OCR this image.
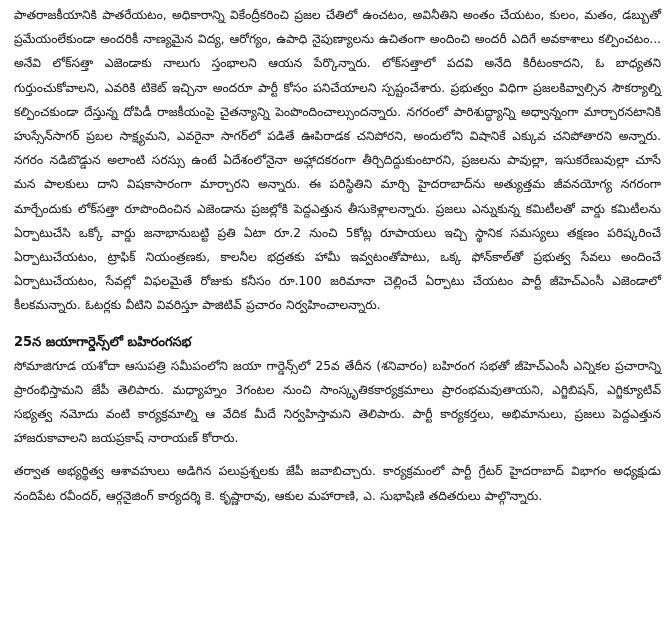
పాతరాజకీయానికి పాతరేయటం, అధికారాన్ని వికేంద్రీకరించి ప్రజల చేతిలో ఉంచటం, అవినీతిని అంతం చేయటం, కులం, మతం, డబ్బుతో ప్రమేయంలేకుండా అందరికీ నాణ్యమైన విద్య, ఆరోగ్యం, ఉపాధి నైపుణ్యాలను ఉచితంగా అందించి అందరీ ఎదిగే అవకాశాలు కల్పించటం... అనేవి లోక్‌సత్తా ఎజెండాకు నాలుగు స్తంభాలని ఆయన పేర్కొన్నారు. లోక్‌సత్తాలో పదవి అనేది కిరీటంకాదని, ఓ బాధ్యతని గుర్తుంచుకోవాలని, ఎవరికి టికెట్‌ ఇచ్చినా అందరూ పార్టీ కోసం పనిచేయాలని స్పష్టంచేశారు. ప్రభుత్వం విధిగా ప్రజలకివ్వాల్సిన సౌకర్యాల్ని కల్పించకుండా దేస్తున్న దోపిడీ రాజకీయంపై చైతన్యాన్ని పెంపొందించాల్సుందన్నారు. నగరంలో పారిశుద్ధ్యాన్ని అధ్వాన్నంగా మార్చారనటానికి హుస్సేన్‌సాగర్‌ ప్రబల సాక్ష్యమని, ఎవరైనా సాగర్‌లో పడితే ఊపిరాడక చనిపోరని, అందులోని విషానికే ఎక్కువ చనిపోతారని అన్నారు. నగరం నడిబొడ్డున అలాంటి సరస్సు ఉంటే ఏదేశంలోనైనా అహ్లాదకరంగా తీర్చిదిద్దుకుంటారని, ప్రజలను పావుల్లా, ఇసుకరేణువుల్లా చూసే మన పాలకులు దాని విషకాసారంగా మార్చారని అన్నారు. ఈ పరిస్థితిని మార్చి హైదరాబాద్‌ను అత్యుత్తమ జీవనయోగ్య నగరంగా మార్చేందుకు లోక్‌సత్తా రూపొందించిన ఎజెండాను ప్రజల్లోకి పెద్దఎత్తున తీసుకెళ్లాలన్నారు. ప్రజలు ఎన్నుకున్న కమిటీలతో వార్డు కమిటీలను ఏర్పాటుచేసి ఒక్కో వార్డు జనాభానుబట్టి ప్రతి ఏటా రూ.2 నుంచి 5కోట్ల రూపాయలు ఇచ్చి స్థానిక సమస్యలు తక్షణం పరిష్కరించే ఏర్పాటుచేయటం, ట్రాఫిక్‌ నియంత్రణకు, కాలనీల భద్రతకు హామీ ఇవ్వటంతోపాటు, ఒక్క ఫోన్‌కాల్‌తో ప్రభుత్వ సేవలు అందించే ఏర్పాటుచేయటం, సేవల్లో విఫలమైతే రోజుకు కనీసం రూ.100 జరిమానా చెల్లించే ఏర్పాటు చేయటం పార్టీ జీహెచ్‌ఎంసీ ఎజెండాలో కీలకమన్నారు. ఓటర్లకు వీటిని వివరిస్తూ పాజిటివ్‌ ప్రచారం నిర్వహించాలన్నారు.

25న జయాగార్డెన్స్‌లో బహిరంగసభ

సోమాజిగూడ యశోదా ఆసుపత్రి సమీపంలోని జయా గార్డెన్స్‌లో 25వ తేదీన (శనివారం) బహిరంగ సభతో జీహెచ్‌ఎంసీ ఎన్నికల ప్రచారాన్ని ప్రారంభిస్తామని జేపీ తెలిపారు. మధ్యాహ్నం 3గంటల నుంచి సాంస్కృతికకార్యక్రమాలు ప్రారంభమవుతాయని, ఎగ్జిబిషన్‌, ఎగ్జిక్యూటివ్‌ సభ్యత్వ నమోదు వంటి కార్యక్రమాల్ని ఆ వేదిక మీదే నిర్వహిస్తామని తెలిపారు. పార్టీ కార్యకర్తలు, అభిమానులు, ప్రజలు పెద్దఎత్తున హాజరుకావాలని జయప్రకాష్‌ నారాయణ్‌ కోరారు.

తర్వాత అభ్యర్థిత్వ ఆశావహులు అడిగిన పలుప్రశ్నలకు జేపీ జవాబిచ్చారు. కార్యక్రమంలో పార్టీ గ్రేటర్‌ హైదరాబాద్‌ విభాగం అధ్యక్షుడు నందిపేట రవీందర్‌, ఆర్గనైజింగ్‌ కార్యదర్శి కె. కృష్ణారావు, ఆకుల మహారాణి, ఎ. సుభాషిణి తదితరులు పాల్గొన్నారు.
